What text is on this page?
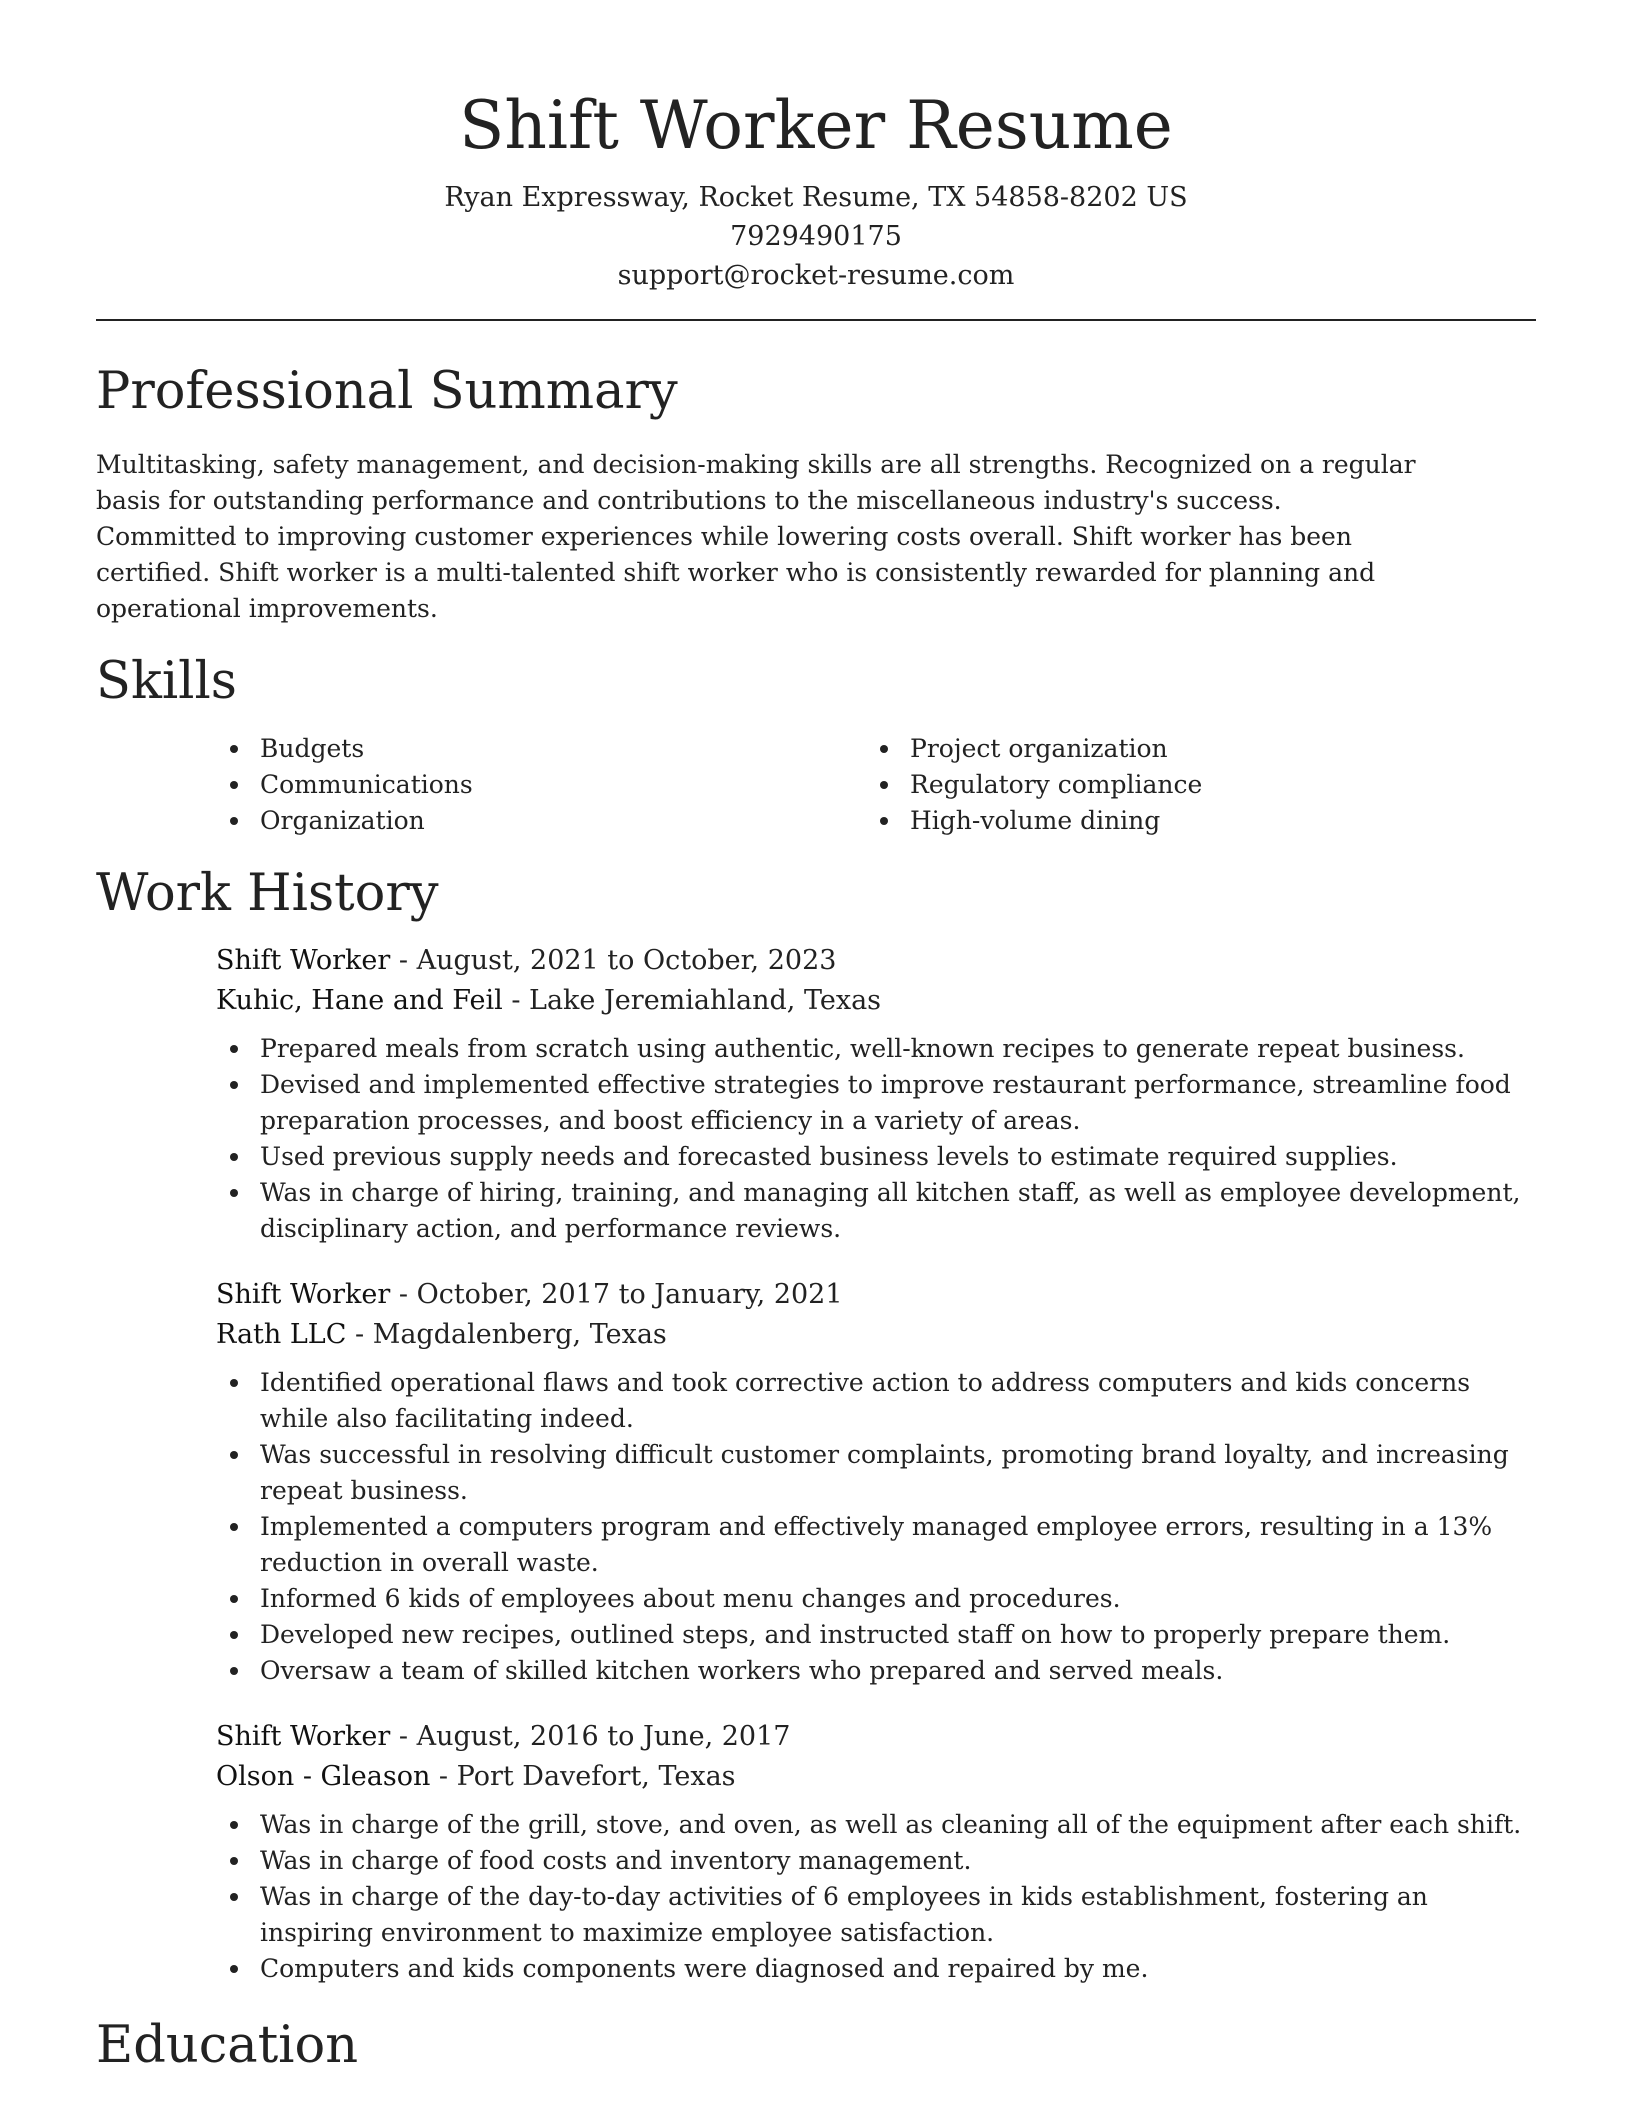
Shift Worker Resume

Ryan Expressway, Rocket Resume, TX 54858-8202 US

7929490175

support@rocket-resume.com

Professional Summary

Multitasking, safety management, and decision-making skills are all strengths. Recognized on a regular basis for outstanding performance and contributions to the miscellaneous industry's success. Committed to improving customer experiences while lowering costs overall. Shift worker has been certified. Shift worker is a multi-talented shift worker who is consistently rewarded for planning and operational improvements.

Skills
Budgets
Communications
Organization
Project organization
Regulatory compliance
High-volume dining
Work History

Shift Worker - August, 2021 to October, 2023

Kuhic, Hane and Feil - Lake Jeremiahland, Texas

Prepared meals from scratch using authentic, well-known recipes to generate repeat business.
Devised and implemented effective strategies to improve restaurant performance, streamline food preparation processes, and boost efficiency in a variety of areas.
Used previous supply needs and forecasted business levels to estimate required supplies.
Was in charge of hiring, training, and managing all kitchen staff, as well as employee development, disciplinary action, and performance reviews.

Shift Worker - October, 2017 to January, 2021

Rath LLC - Magdalenberg, Texas

Identified operational flaws and took corrective action to address computers and kids concerns while also facilitating indeed.
Was successful in resolving difficult customer complaints, promoting brand loyalty, and increasing repeat business.
Implemented a computers program and effectively managed employee errors, resulting in a 13% reduction in overall waste.
Informed 6 kids of employees about menu changes and procedures.
Developed new recipes, outlined steps, and instructed staff on how to properly prepare them.
Oversaw a team of skilled kitchen workers who prepared and served meals.

Shift Worker - August, 2016 to June, 2017

Olson - Gleason - Port Davefort, Texas

Was in charge of the grill, stove, and oven, as well as cleaning all of the equipment after each shift.
Was in charge of food costs and inventory management.
Was in charge of the day-to-day activities of 6 employees in kids establishment, fostering an inspiring environment to maximize employee satisfaction.
Computers and kids components were diagnosed and repaired by me.
Education
